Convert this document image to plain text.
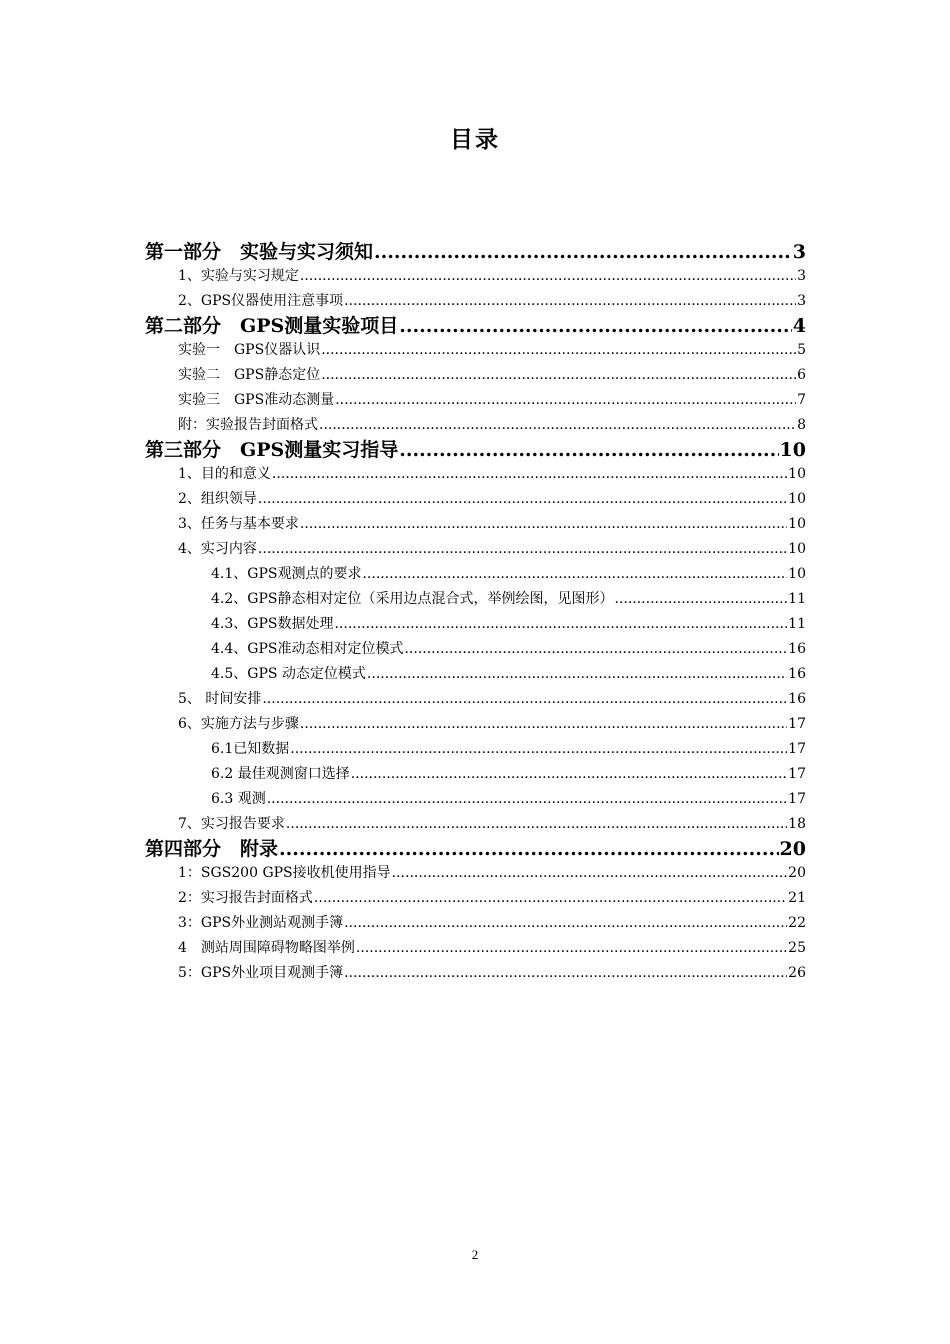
目录
第一部分　实验与实习须知 .....	3
1、实验与实习规定 .....	3
2、GPS仪器使用注意事项 .....	3
第二部分　GPS测量实验项目 .....	4
实验一　GPS仪器认识 .....	5
实验二　GPS静态定位 .....	6
实验三　GPS准动态测量 .....	7
附：实验报告封面格式 .....	8
第三部分　GPS测量实习指导 .....	10
1、目的和意义 .....	10
2、组织领导 .....	10
3、任务与基本要求 .....	10
4、实习内容 .....	10
4.1、GPS观测点的要求 .....	10
4.2、GPS静态相对定位（采用边点混合式，举例绘图，见图形） .....	11
4.3、GPS数据处理 .....	11
4.4、GPS准动态相对定位模式 .....	16
4.5、GPS 动态定位模式 .....	16
5、 时间安排 .....	16
6、实施方法与步骤 .....	17
6.1已知数据 .....	17
6.2 最佳观测窗口选择 .....	17
6.3 观测 .....	17
7、实习报告要求 .....	18
第四部分　附录 .....	20
1：SGS200 GPS接收机使用指导 .....	20
2：实习报告封面格式 .....	21
3：GPS外业测站观测手簿 .....	22
4　测站周围障碍物略图举例 .....	25
5：GPS外业项目观测手簿 .....	26
2
